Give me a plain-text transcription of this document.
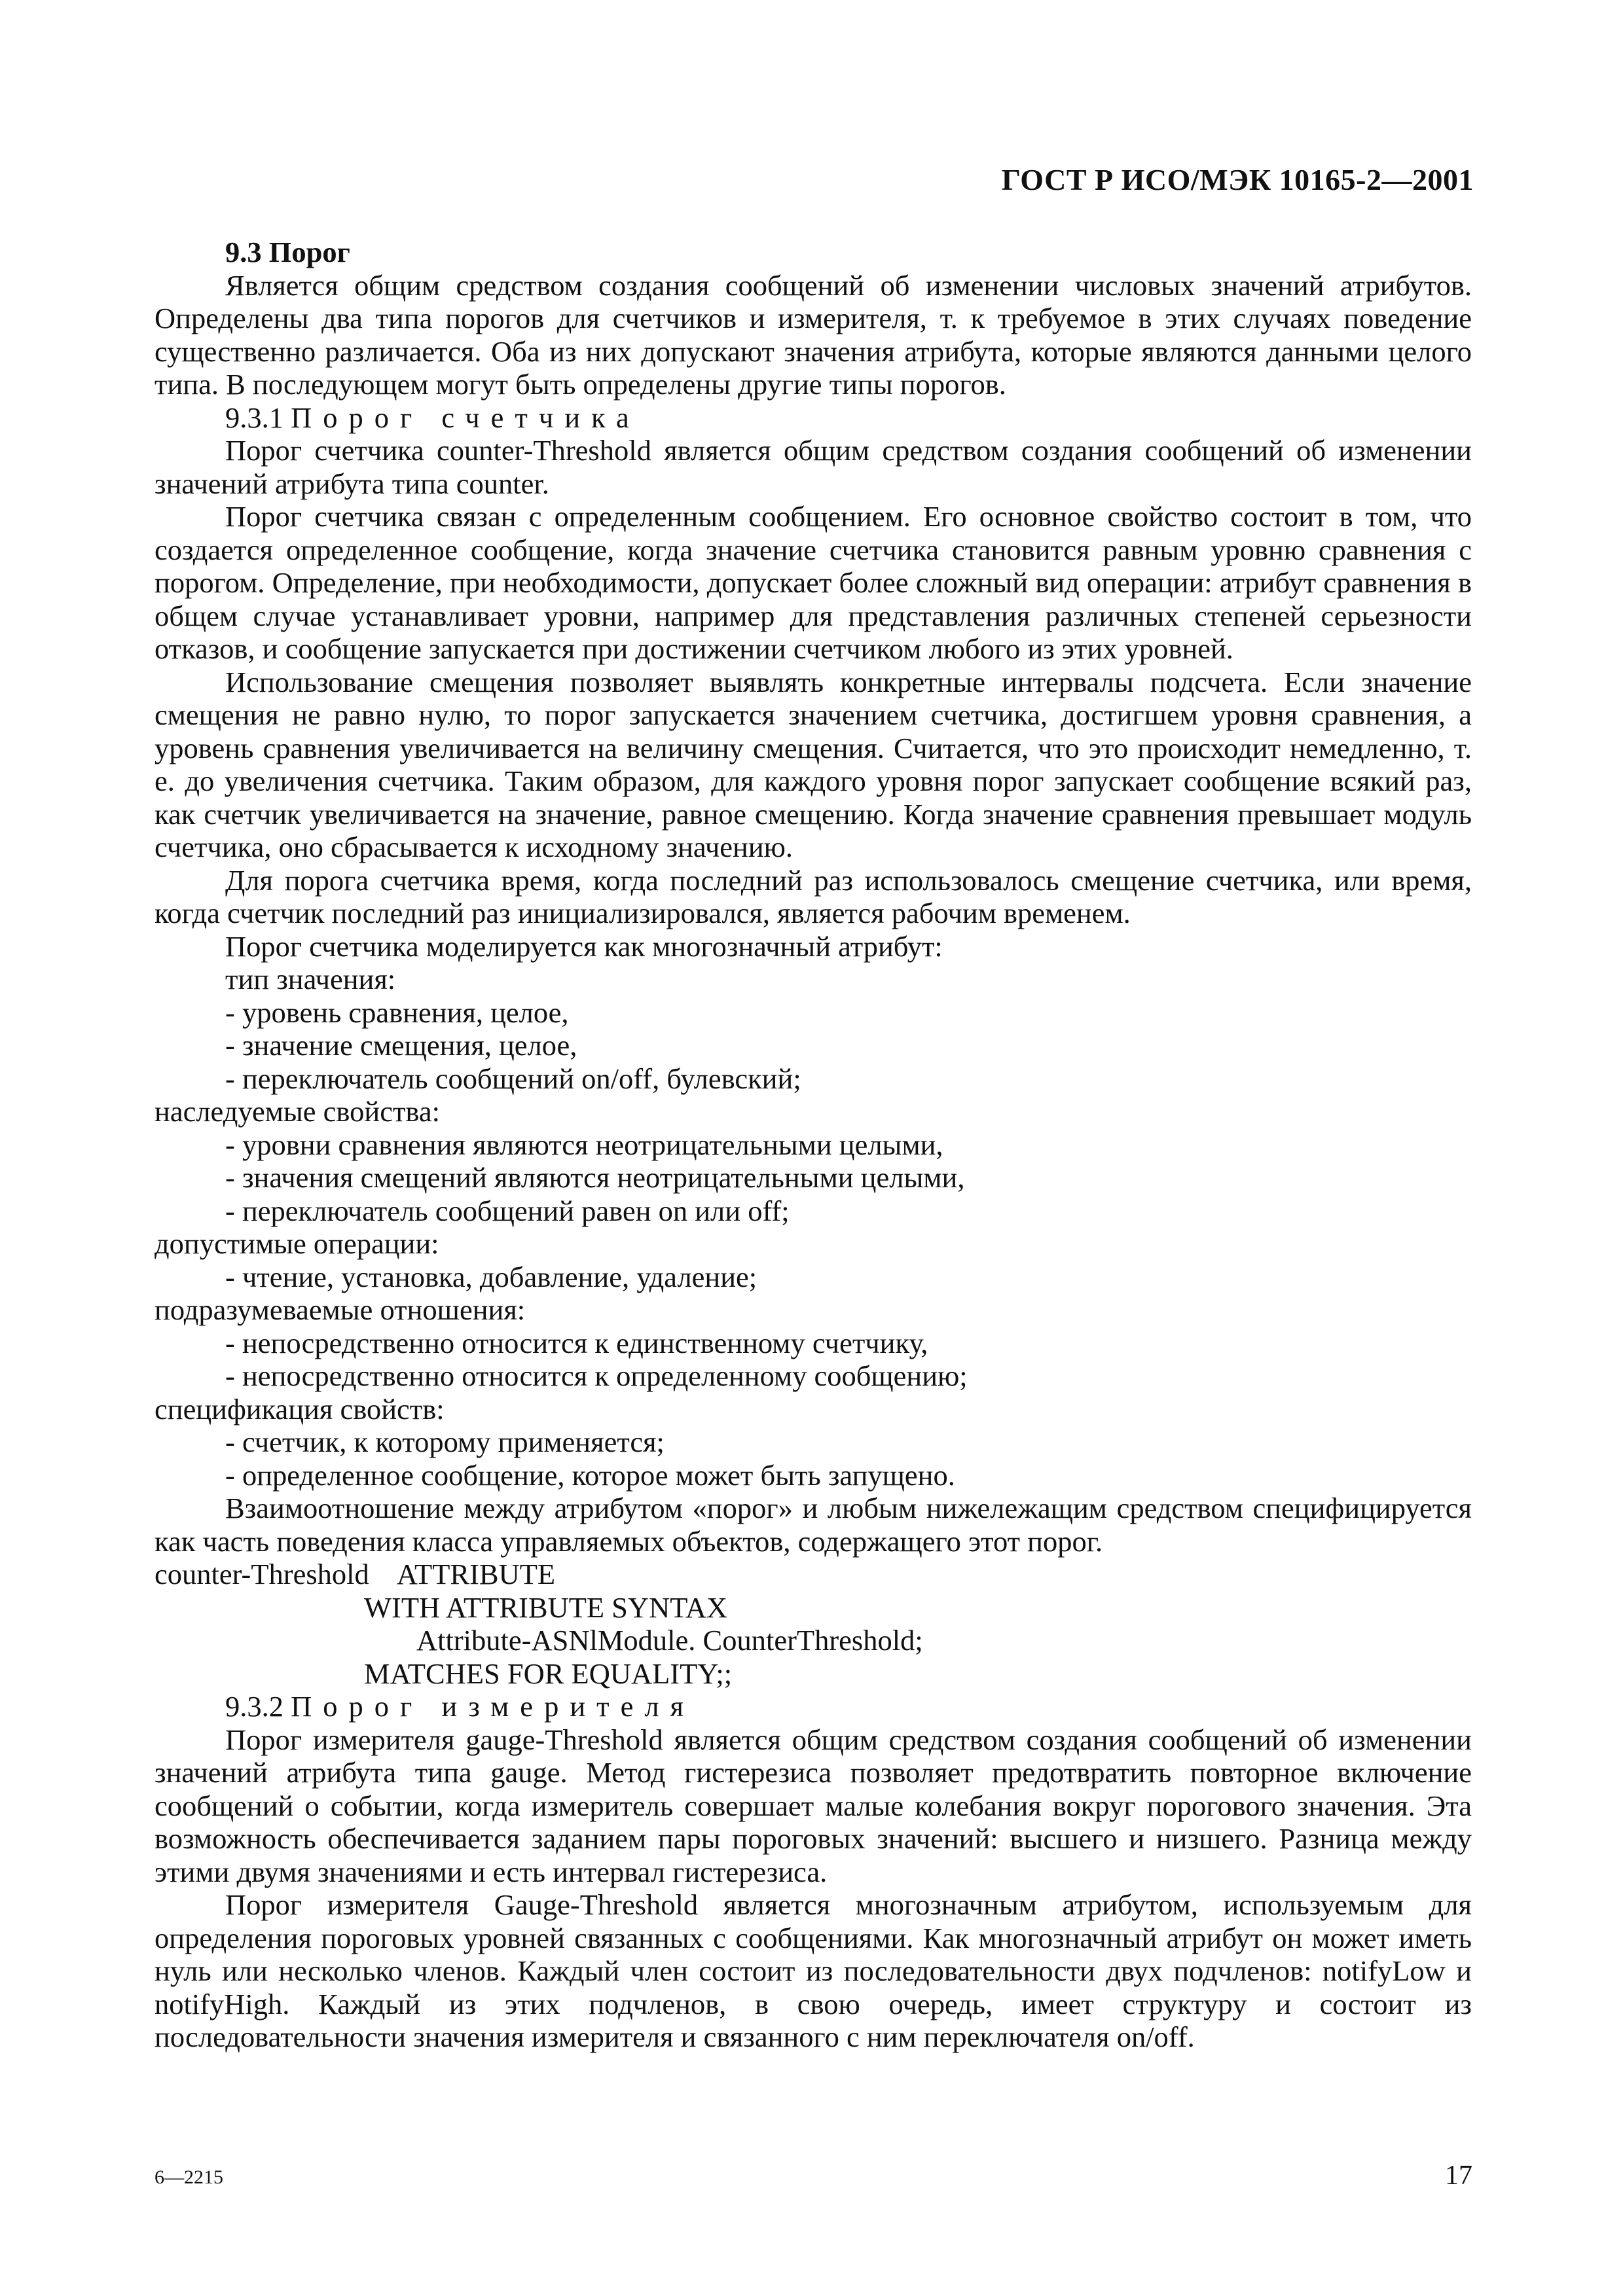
ГОСТ Р ИСО/МЭК 10165-2—2001

9.3 Порог

Является общим средством создания сообщений об изменении числовых значений атрибутов. Определены два типа порогов для счетчиков и измерителя, т. к требуемое в этих случаях поведение существенно различается. Оба из них допускают значения атрибута, которые являются данными целого типа. В последующем могут быть определены другие типы порогов.

9.3.1 Порог счетчика

Порог счетчика counter-Threshold является общим средством создания сообщений об изменении значений атрибута типа counter.

Порог счетчика связан с определенным сообщением. Его основное свойство состоит в том, что создается определенное сообщение, когда значение счетчика становится равным уровню сравнения с порогом. Определение, при необходимости, допускает более сложный вид операции: атрибут сравнения в общем случае устанавливает уровни, например для представления различных степеней серьезности отказов, и сообщение запускается при достижении счетчиком любого из этих уровней.

Использование смещения позволяет выявлять конкретные интервалы подсчета. Если значение смещения не равно нулю, то порог запускается значением счетчика, достигшем уровня сравнения, а уровень сравнения увеличивается на величину смещения. Считается, что это происходит немедленно, т. е. до увеличения счетчика. Таким образом, для каждого уровня порог запускает сообщение всякий раз, как счетчик увеличивается на значение, равное смещению. Когда значение сравнения превышает модуль счетчика, оно сбрасывается к исходному значению.

Для порога счетчика время, когда последний раз использовалось смещение счетчика, или время, когда счетчик последний раз инициализировался, является рабочим временем.

Порог счетчика моделируется как многозначный атрибут:

тип значения:

- уровень сравнения, целое,

- значение смещения, целое,

- переключатель сообщений on/off, булевский;

наследуемые свойства:

- уровни сравнения являются неотрицательными целыми,

- значения смещений являются неотрицательными целыми,

- переключатель сообщений равен on или off;

допустимые операции:

- чтение, установка, добавление, удаление;

подразумеваемые отношения:

- непосредственно относится к единственному счетчику,

- непосредственно относится к определенному сообщению;

спецификация свойств:

- счетчик, к которому применяется;

- определенное сообщение, которое может быть запущено.

Взаимоотношение между атрибутом «порог» и любым нижележащим средством специфицируется как часть поведения класса управляемых объектов, содержащего этот порог.

counter-Threshold    ATTRIBUTE

WITH ATTRIBUTE SYNTAX

Attribute-ASNlModule. CounterThreshold;

MATCHES FOR EQUALITY;;

9.3.2 Порог измерителя

Порог измерителя gauge-Threshold является общим средством создания сообщений об изменении значений атрибута типа gauge. Метод гистерезиса позволяет предотвратить повторное включение сообщений о событии, когда измеритель совершает малые колебания вокруг порогового значения. Эта возможность обеспечивается заданием пары пороговых значений: высшего и низшего. Разница между этими двумя значениями и есть интервал гистерезиса.

Порог измерителя Gauge-Threshold является многозначным атрибутом, используемым для определения пороговых уровней связанных с сообщениями. Как многозначный атрибут он может иметь нуль или несколько членов. Каждый член состоит из последовательности двух подчленов: notifyLow и notifyHigh. Каждый из этих подчленов, в свою очередь, имеет структуру и состоит из последовательности значения измерителя и связанного с ним переключателя on/off.

6—2215	17
